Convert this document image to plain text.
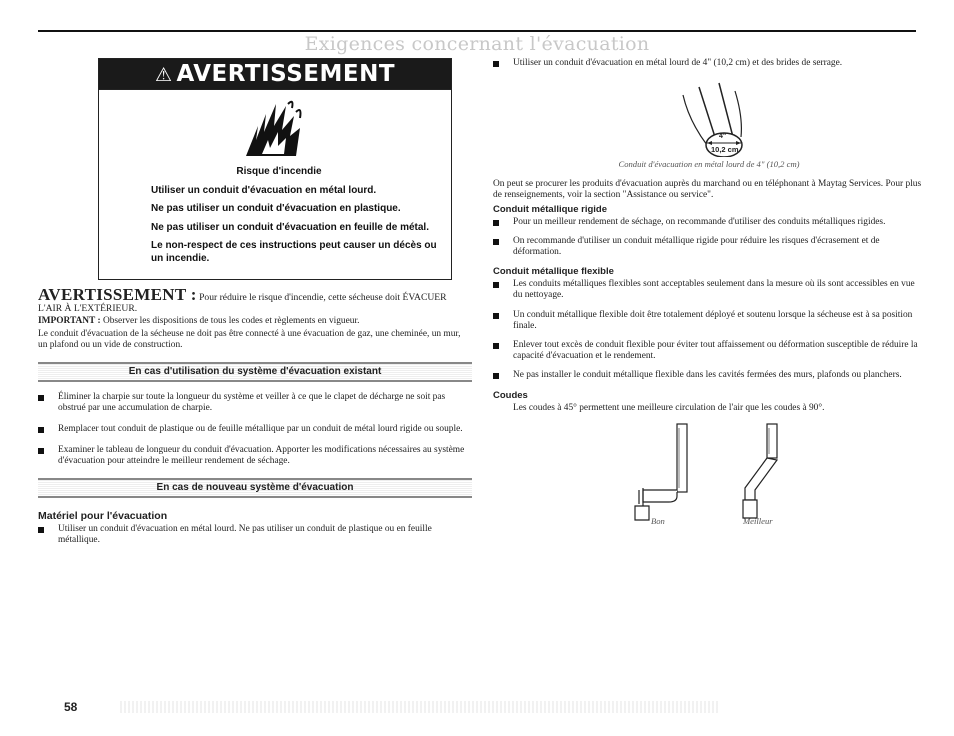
Exigences concernant l'évacuation
⚠ AVERTISSEMENT

Risque d'incendie

Utiliser un conduit d'évacuation en métal lourd.

Ne pas utiliser un conduit d'évacuation en plastique.

Ne pas utiliser un conduit d'évacuation en feuille de métal.

Le non-respect de ces instructions peut causer un décès ou un incendie.

AVERTISSEMENT : Pour réduire le risque d'incendie, cette sécheuse doit ÉVACUER L'AIR À L'EXTÉRIEUR.

IMPORTANT : Observer les dispositions de tous les codes et règlements en vigueur.

Le conduit d'évacuation de la sécheuse ne doit pas être connecté à une évacuation de gaz, une cheminée, un mur, un plafond ou un vide de construction.

En cas d'utilisation du système d'évacuation existant
Éliminer la charpie sur toute la longueur du système et veiller à ce que le clapet de décharge ne soit pas obstrué par une accumulation de charpie.
Remplacer tout conduit de plastique ou de feuille métallique par un conduit de métal lourd rigide ou souple.
Examiner le tableau de longueur du conduit d'évacuation. Apporter les modifications nécessaires au système d'évacuation pour atteindre le meilleur rendement de séchage.
En cas de nouveau système d'évacuation
Matériel pour l'évacuation
Utiliser un conduit d'évacuation en métal lourd. Ne pas utiliser un conduit de plastique ou en feuille métallique.
Utiliser un conduit d'évacuation en métal lourd de 4" (10,2 cm) et des brides de serrage.
4"
10,2 cm
Conduit d'évacuation en métal lourd de 4" (10,2 cm)

On peut se procurer les produits d'évacuation auprès du marchand ou en téléphonant à Maytag Services. Pour plus de renseignements, voir la section "Assistance ou service".

Conduit métallique rigide
Pour un meilleur rendement de séchage, on recommande d'utiliser des conduits métalliques rigides.
On recommande d'utiliser un conduit métallique rigide pour réduire les risques d'écrasement et de déformation.
Conduit métallique flexible
Les conduits métalliques flexibles sont acceptables seulement dans la mesure où ils sont accessibles en vue du nettoyage.
Un conduit métallique flexible doit être totalement déployé et soutenu lorsque la sécheuse est à sa position finale.
Enlever tout excès de conduit flexible pour éviter tout affaissement ou déformation susceptible de réduire la capacité d'évacuation et le rendement.
Ne pas installer le conduit métallique flexible dans les cavités fermées des murs, plafonds ou planchers.
Coudes

Les coudes à 45° permettent une meilleure circulation de l'air que les coudes à 90°.

Bon	Meilleur
58
